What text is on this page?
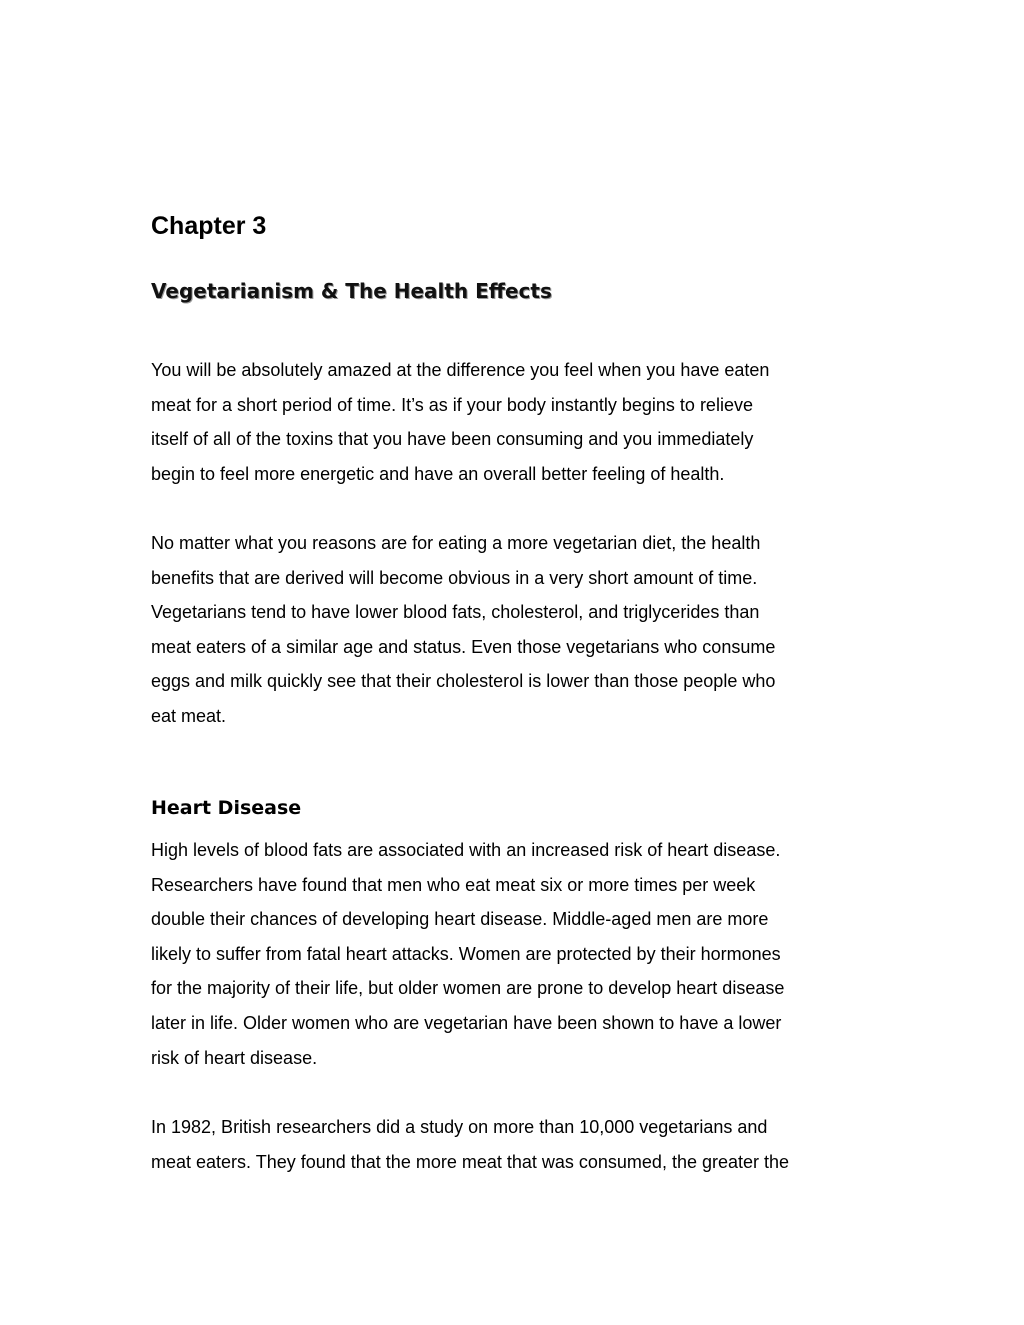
Chapter 3
Vegetarianism & The Health Effects

You will be absolutely amazed at the difference you feel when you have eaten
meat for a short period of time. It’s as if your body instantly begins to relieve
itself of all of the toxins that you have been consuming and you immediately
begin to feel more energetic and have an overall better feeling of health.

No matter what you reasons are for eating a more vegetarian diet, the health
benefits that are derived will become obvious in a very short amount of time.
Vegetarians tend to have lower blood fats, cholesterol, and triglycerides than
meat eaters of a similar age and status. Even those vegetarians who consume
eggs and milk quickly see that their cholesterol is lower than those people who
eat meat.

Heart Disease

High levels of blood fats are associated with an increased risk of heart disease.
Researchers have found that men who eat meat six or more times per week
double their chances of developing heart disease. Middle-aged men are more
likely to suffer from fatal heart attacks. Women are protected by their hormones
for the majority of their life, but older women are prone to develop heart disease
later in life. Older women who are vegetarian have been shown to have a lower
risk of heart disease.

In 1982, British researchers did a study on more than 10,000 vegetarians and
meat eaters. They found that the more meat that was consumed, the greater the
